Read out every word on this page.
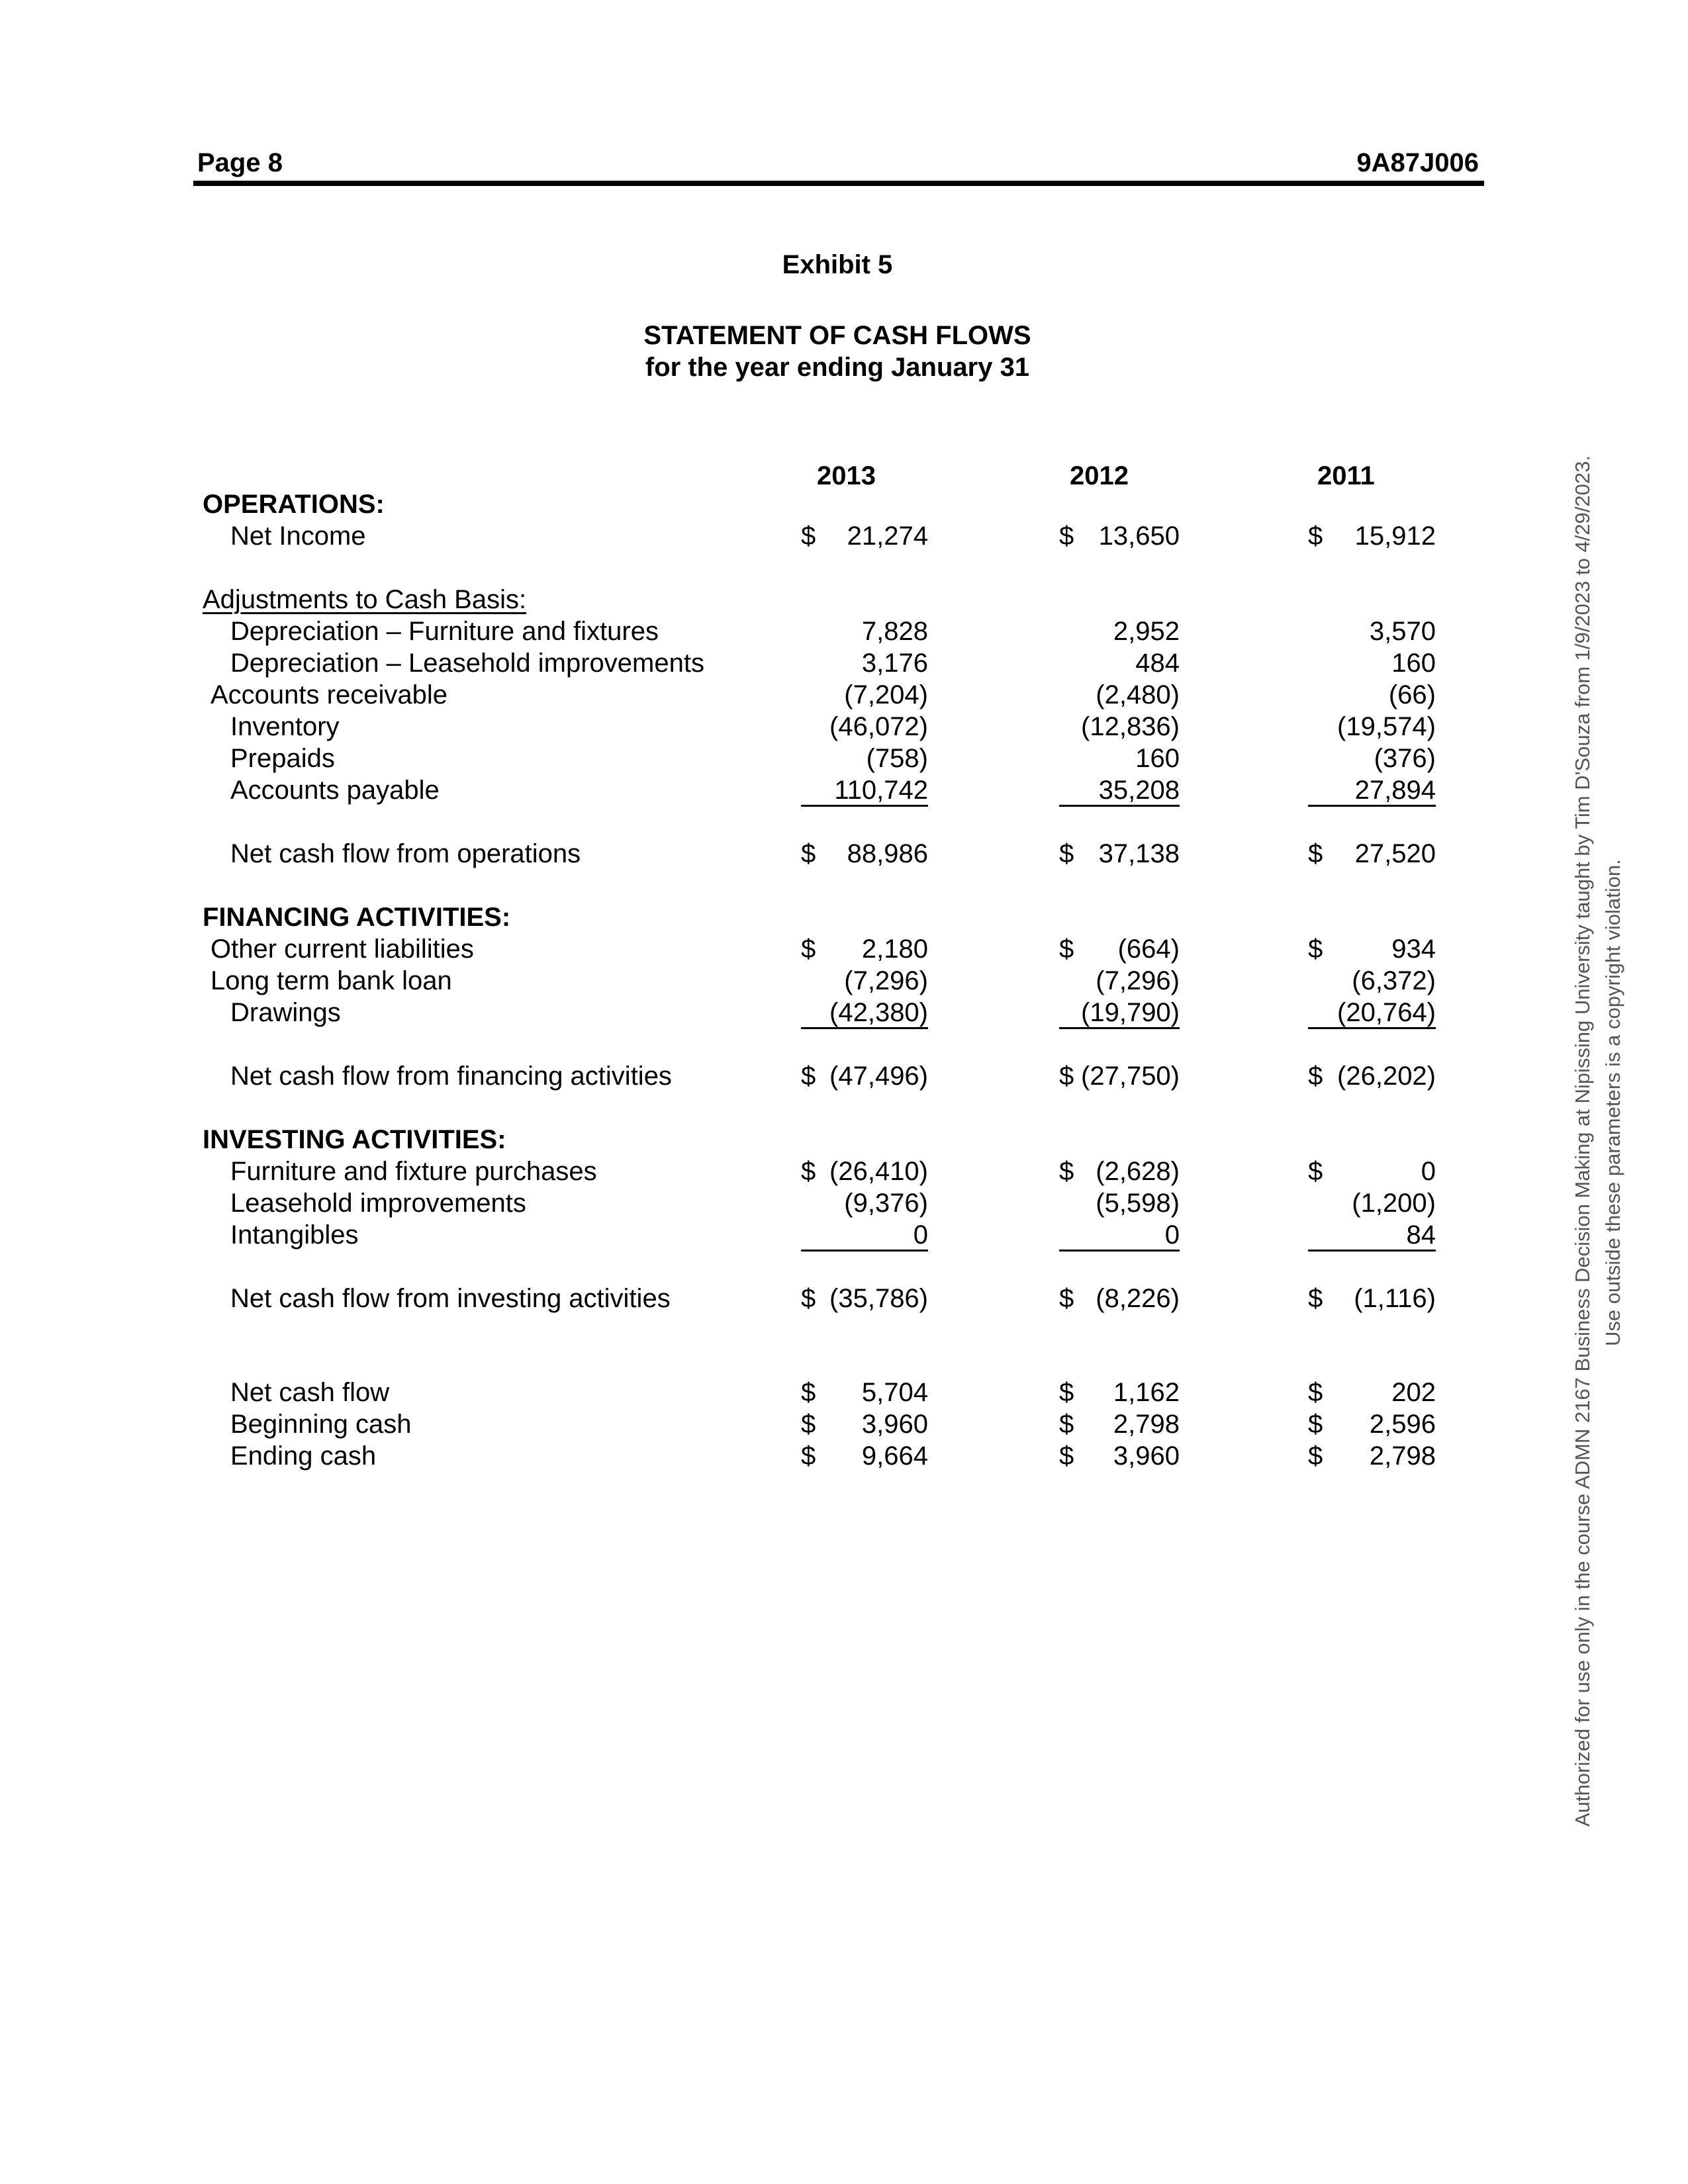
Page 8	9A87J006
Exhibit 5
STATEMENT OF CASH FLOWS
for the year ending January 31
2013	2012	2011
OPERATIONS:
Net Income	$ 21,274	$ 13,650	$ 15,912
Adjustments to Cash Basis:
Depreciation – Furniture and fixtures	7,828	2,952	3,570
Depreciation – Leasehold improvements	3,176	484	160
Accounts receivable	(7,204)	(2,480)	(66)
Inventory	(46,072)	(12,836)	(19,574)
Prepaids	(758)	160	(376)
Accounts payable	110,742	35,208	27,894
Net cash flow from operations	$ 88,986	$ 37,138	$ 27,520
FINANCING ACTIVITIES:
Other current liabilities	$ 2,180	$ (664)	$	934
Long term bank loan	(7,296)	(7,296)	(6,372)
Drawings	(42,380)	(19,790)	(20,764)
Net cash flow from financing activities	$ (47,496)	$ (27,750)	$ (26,202)
INVESTING ACTIVITIES:
Furniture and fixture purchases	$ (26,410)	$ (2,628)	$	0
Leasehold improvements	(9,376)	(5,598)	(1,200)
Intangibles	0	0	84
Net cash flow from investing activities	$ (35,786)	$ (8,226)	$ (1,116)
Net cash flow	$ 5,704	$ 1,162	$	202
Beginning cash	$ 3,960	$ 2,798	$ 2,596
Ending cash	$ 9,664	$ 3,960	$ 2,798	Authorized for use only in the course ADMN 2167 Business Decision Making at Nipissing University taught by Tim D'Souza from 1/9/2023 to 4/29/2023. Use outside these parameters is a copyright violation.
